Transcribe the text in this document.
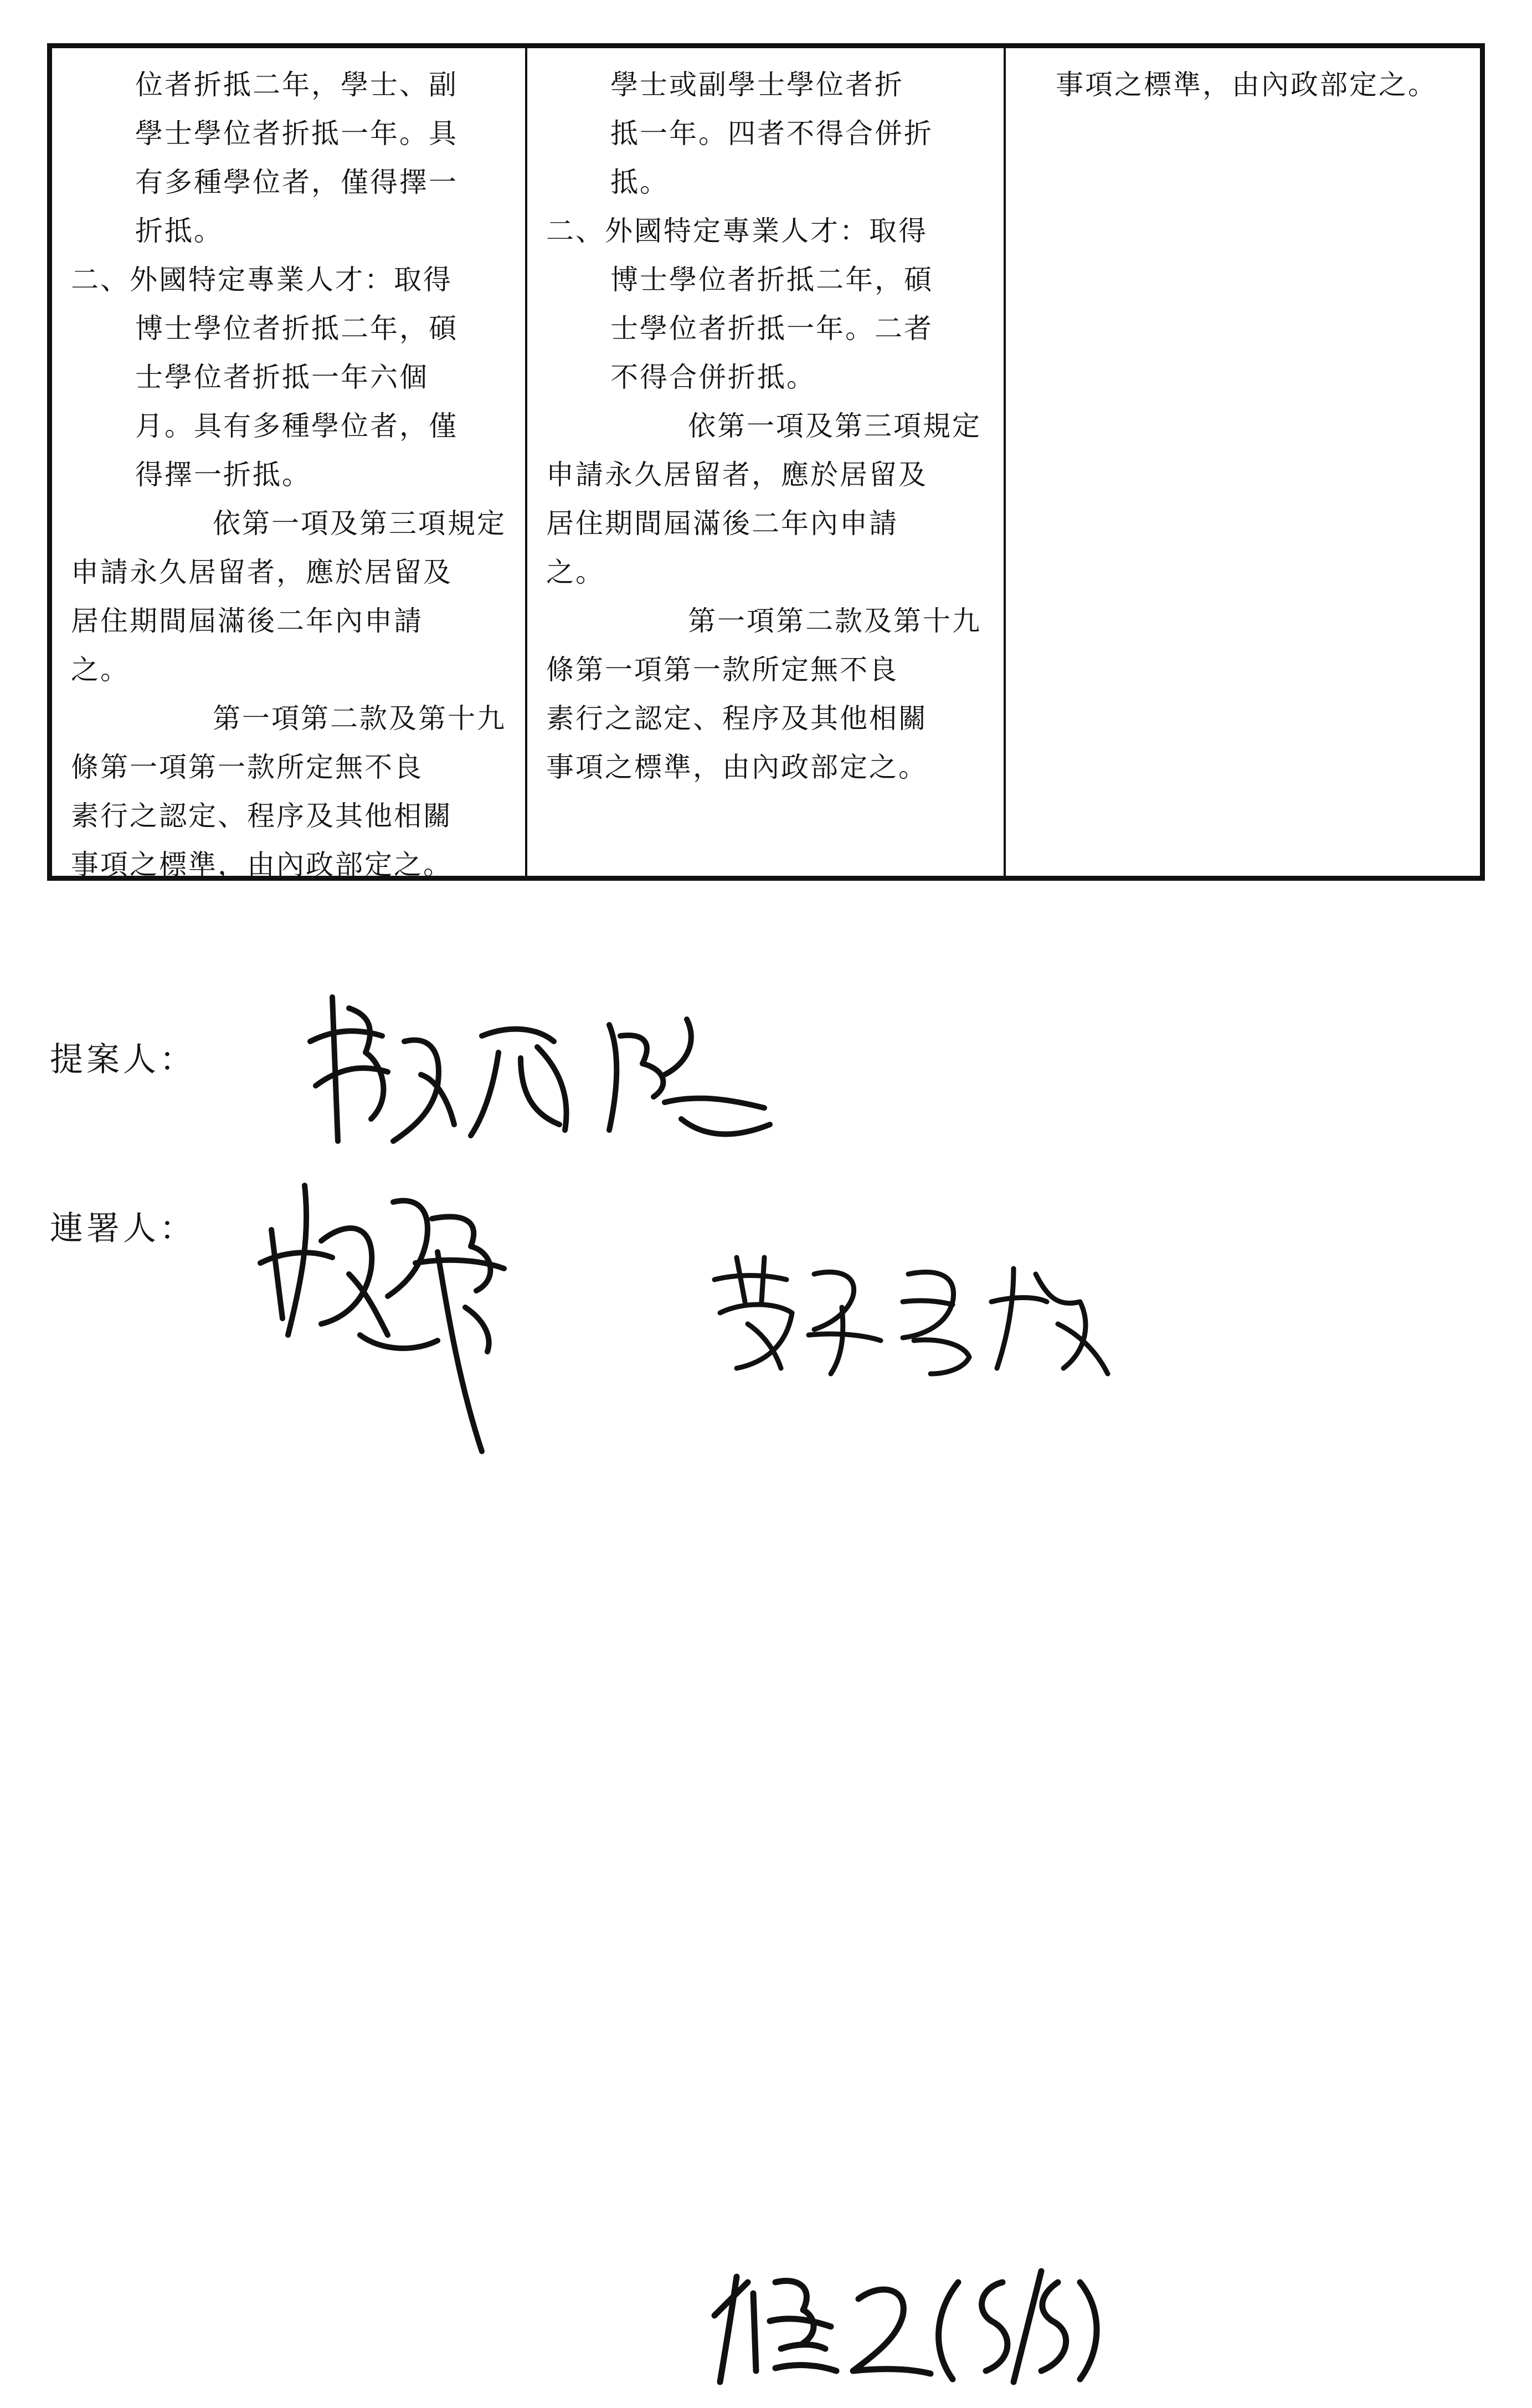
位者折抵二年，學士、副
學士學位者折抵一年。具
有多種學位者，僅得擇一
折抵。
二、外國特定專業人才：取得
博士學位者折抵二年，碩
士學位者折抵一年六個
月。具有多種學位者，僅
得擇一折抵。
依第一項及第三項規定
申請永久居留者，應於居留及
居住期間屆滿後二年內申請
之。
第一項第二款及第十九
條第一項第一款所定無不良
素行之認定、程序及其他相關
事項之標準，由內政部定之。
學士或副學士學位者折
抵一年。四者不得合併折
抵。
二、外國特定專業人才：取得
博士學位者折抵二年，碩
士學位者折抵一年。二者
不得合併折抵。
依第一項及第三項規定
申請永久居留者，應於居留及
居住期間屆滿後二年內申請
之。
第一項第二款及第十九
條第一項第一款所定無不良
素行之認定、程序及其他相關
事項之標準，由內政部定之。
事項之標準，由內政部定之。
提案人：
連署人：
